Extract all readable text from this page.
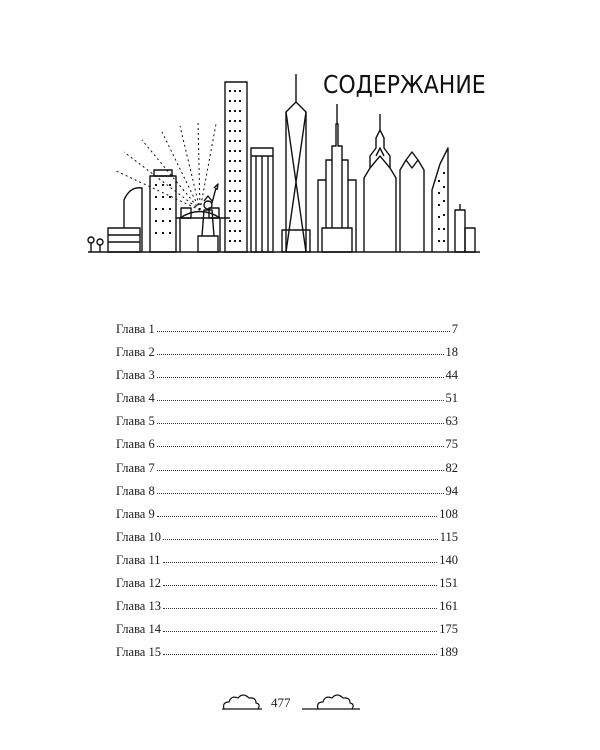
СОДЕРЖАНИЕ
Глава 1	7
Глава 2	18
Глава 3	44
Глава 4	51
Глава 5	63
Глава 6	75
Глава 7	82
Глава 8	94
Глава 9	108
Глава 10	115
Глава 11	140
Глава 12	151
Глава 13	161
Глава 14	175
Глава 15	189
477
